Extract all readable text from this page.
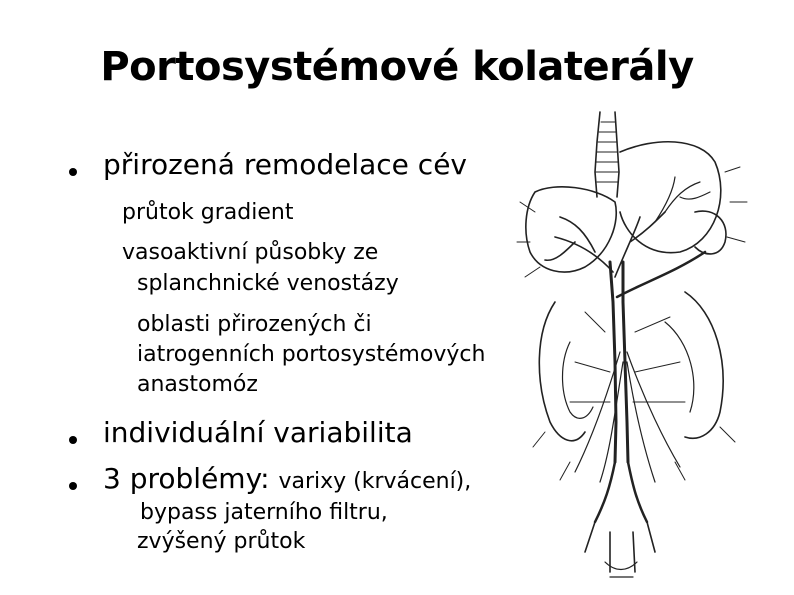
Portosystémové kolaterály
přirozená remodelace cév
průtok gradient
vasoaktivní působky ze
splanchnické venostázy
oblasti přirozených či
iatrogenních portosystémových
anastomóz
individuální variabilita
3 problémy: varixy (krvácení),
bypass jaterního filtru,
zvýšený průtok
